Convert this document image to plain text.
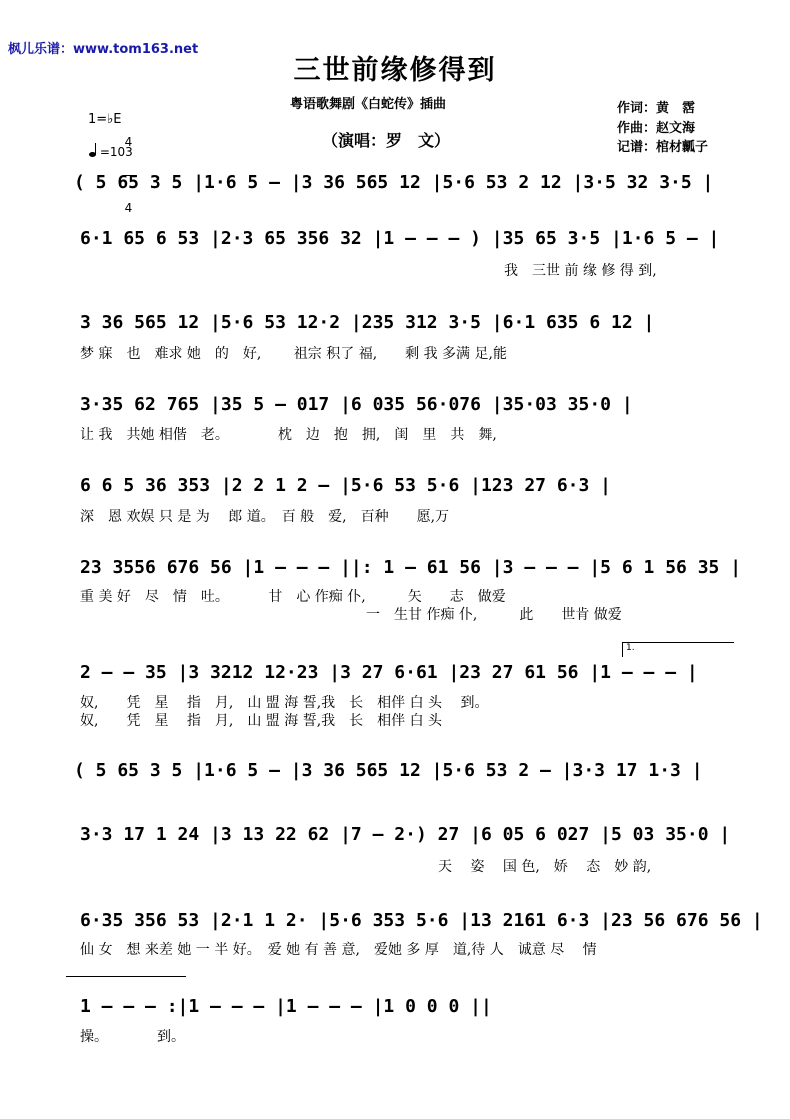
枫儿乐谱：www.tom163.net
三世前缘修得到
粤语歌舞剧《白蛇传》插曲
（演唱：罗　文）
作词：黄　霑
作曲：赵文海
记谱：棺材瓤子
1=♭E

4

4

=103
( 5 65 3 5 |1·6 5 – |3 36 565 12 |5·6 53 2 12 |3·5 32 3·5 |
6·1 65 6 53 |2·3 65 356 32 |1 – – – ) |35 65 3·5 |1·6 5 – |
我　三世 前 缘 修 得 到,
3 36 565 12 |5·6 53 12·2 |235 312 3·5 |6·1 635 6 12 |
梦 寐　也　难求 她　的　好,　　 祖宗 积了 福,　　剩 我 多满 足,能
3·35 62 765 |35 5 – 017 |6 035 56·076 |35·03 35·0 |
让 我　共她 相偕　老。　　　　枕　边　抱　拥,　闺　里　共　舞,
6 6 5 36 353 |2 2 1 2 – |5·6 53 5·6 |123 27 6·3 |
深　恩 欢娱 只 是 为　 郎 道。　百 般　爱,　百种　　愿,万
23 3556 676 56 |1 – – – ||: 1 – 61 56 |3 – – – |5 6 1 56 35 |
重 美 好　尽　情　吐。　　　 甘　心 作痴 仆,　　　矢　　志　做爱
一　生甘 作痴 仆,　　　此　　世肯 做爱
1.
2 – – 35 |3 3212 12·23 |3 27 6·61 |23 27 61 56 |1 – – – |
奴,　　凭　星　 指　月,　山 盟 海 誓,我　长　相伴 白 头　 到。
奴,　　凭　星　 指　月,　山 盟 海 誓,我　长　相伴 白 头
( 5 65 3 5 |1·6 5 – |3 36 565 12 |5·6 53 2 – |3·3 17 1·3 |
3·3 17 1 24 |3 13 22 62 |7 – 2·) 27 |6 05 6 027 |5 03 35·0 |
天　 姿　 国 色,　娇　 态　妙 韵,
6·35 356 53 |2·1 1 2· |5·6 353 5·6 |13 2161 6·3 |23 56 676 56 |
仙 女　想 来差 她 一 半 好。　爱 她 有 善 意,　爱她 多 厚　道,待 人　诚意 尽　 情
1 – – – :|1 – – – |1 – – – |1 0 0 0 ||
操。　　　　到。
